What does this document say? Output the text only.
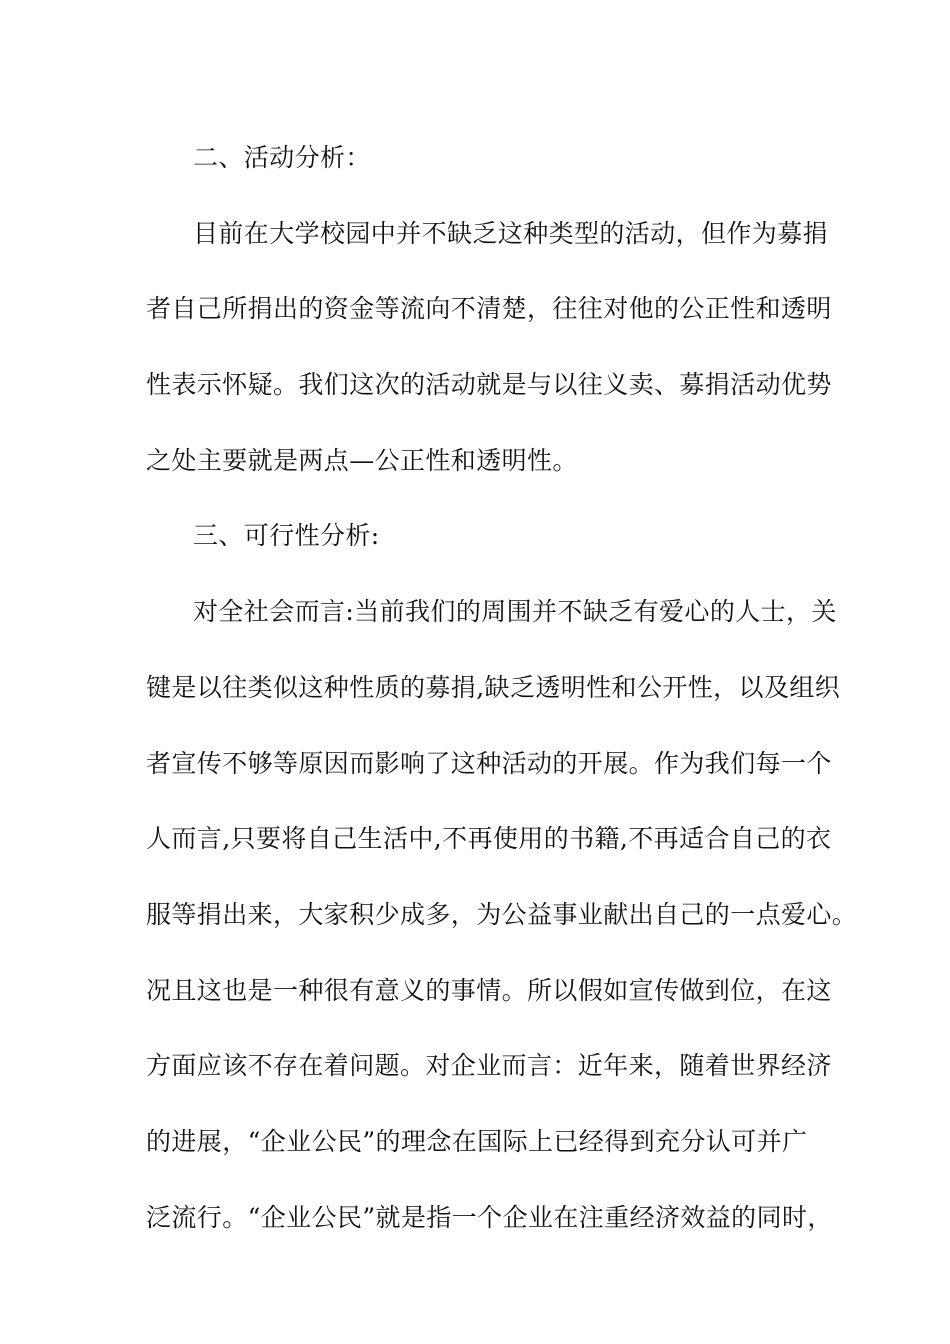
二、活动分析：
目前在大学校园中并不缺乏这种类型的活动，但作为募捐
者自己所捐出的资金等流向不清楚，往往对他的公正性和透明
性表示怀疑。我们这次的活动就是与以往义卖、募捐活动优势
之处主要就是两点—公正性和透明性。
三、可行性分析:
对全社会而言:当前我们的周围并不缺乏有爱心的人士，关
键是以往类似这种性质的募捐,缺乏透明性和公开性，以及组织
者宣传不够等原因而影响了这种活动的开展。作为我们每一个
人而言,只要将自己生活中,不再使用的书籍,不再适合自己的衣
服等捐出来，大家积少成多，为公益事业献出自己的一点爱心。
况且这也是一种很有意义的事情。所以假如宣传做到位，在这
方面应该不存在着问题。对企业而言：近年来，随着世界经济
的进展，“企业公民”的理念在国际上已经得到充分认可并广
泛流行。“企业公民”就是指一个企业在注重经济效益的同时，
